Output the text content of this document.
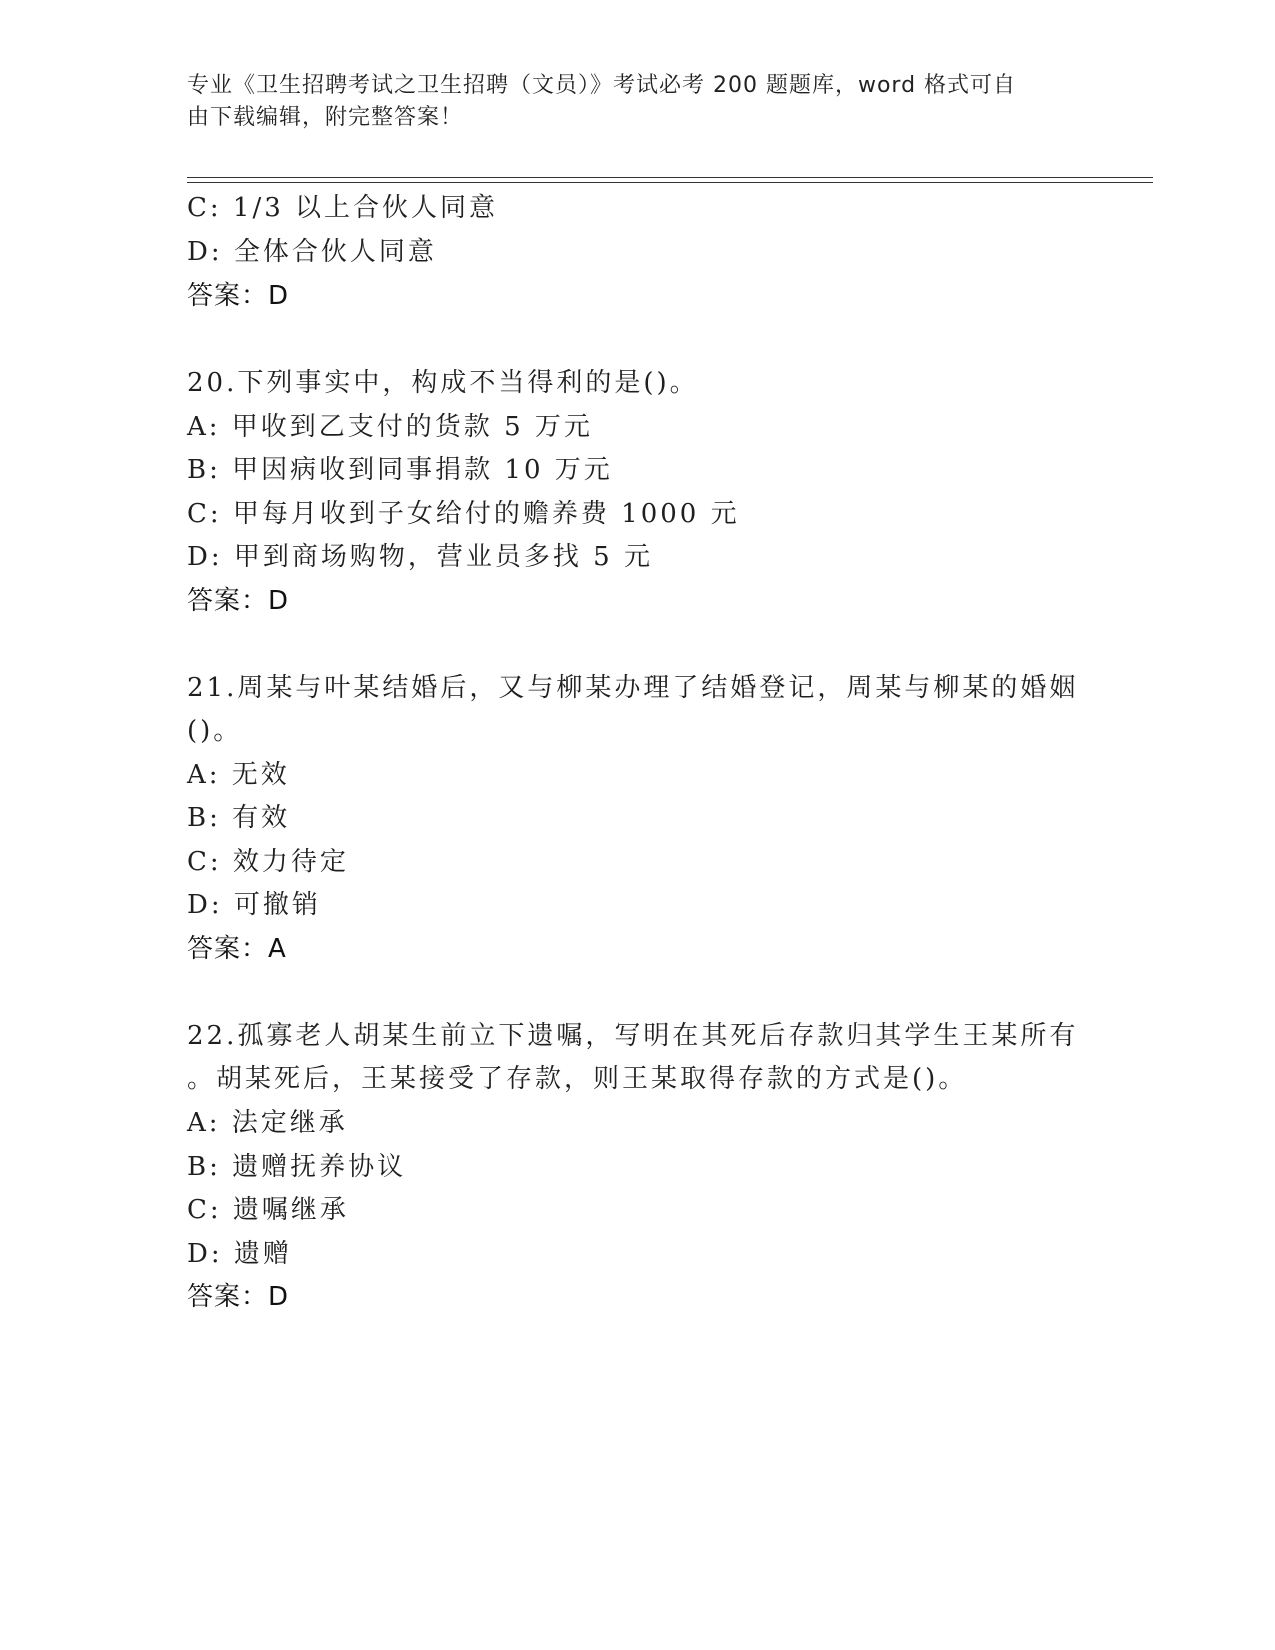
专业《卫生招聘考试之卫生招聘（文员）》考试必考 200 题题库，word 格式可自
由下载编辑，附完整答案！
C: 1/3 以上合伙人同意
D: 全体合伙人同意
答案：D
20.下列事实中，构成不当得利的是()。
A: 甲收到乙支付的货款 5 万元
B: 甲因病收到同事捐款 10 万元
C: 甲每月收到子女给付的赡养费 1000 元
D: 甲到商场购物，营业员多找 5 元
答案：D
21.周某与叶某结婚后，又与柳某办理了结婚登记，周某与柳某的婚姻
()。
A: 无效
B: 有效
C: 效力待定
D: 可撤销
答案：A
22.孤寡老人胡某生前立下遗嘱，写明在其死后存款归其学生王某所有
。胡某死后，王某接受了存款，则王某取得存款的方式是()。
A: 法定继承
B: 遗赠抚养协议
C: 遗嘱继承
D: 遗赠
答案：D
